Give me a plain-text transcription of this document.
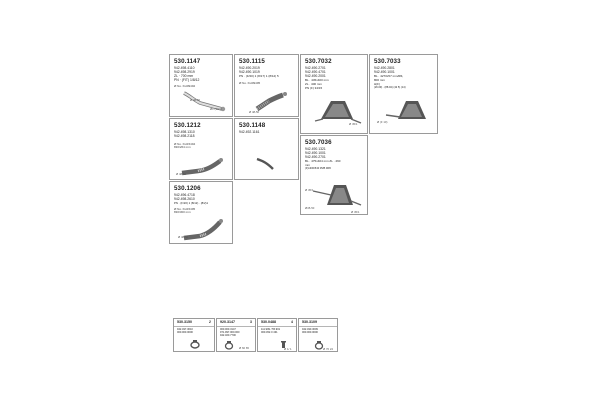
530.1147
942.498.4110
942.498.2919
ZL · 700 mm
PN · (FIT) 1/8/12
Ø No. KH09492
Ø 48-50
Ø1 (90/1)
530.1115
942.490.2019
942.490.1019
PN · (F/20) 1 (8/17) 1 (8/12) 5
Ø No. KH09495
Ø 48-50
530.7032
942.490.2701
942.490.4701
942.490.2001
BL · 445x400 mm
ZL · 400 mm
PN (F) 34/15
Ø 45/1
530.7033
942.490.2801
942.490.1001
BL · 4270x57 mm/Ø4,
800 mm
H(F)
(26.09) · (88.04) (42 5) (14)
Ø (F 10)
530.1212
942.498.1310
942.498.2118
Ø No. KH15494
830/264 mm
Ø 48-50
530.1148
942.492.1161
530.7036
942.490.1321
942.490.1001
942.490.2701
BL · 475x404 mm ZL · 260
mm
(F)1300/540 35/B 08/0
Ø 45/1
Ø45-50
Ø 45/1
530.1206
942.496.4718
942.498.2610
PN · (F/20) 1 (8/12) · (8/2)1
Ø No. KH15495
830/300 mm
Ø 48-50
530.3150
942.497.3010
000.000.0000
2	920.3147
000.000.3147
971.997.000.000
942.460.7700
Ø 60 65
3	530.0488
111.999 / 55.901
000.452.0 431
Ø 1/ 1
4	530.3109
942.490.3009
000.000.0000
Ø 70 24
